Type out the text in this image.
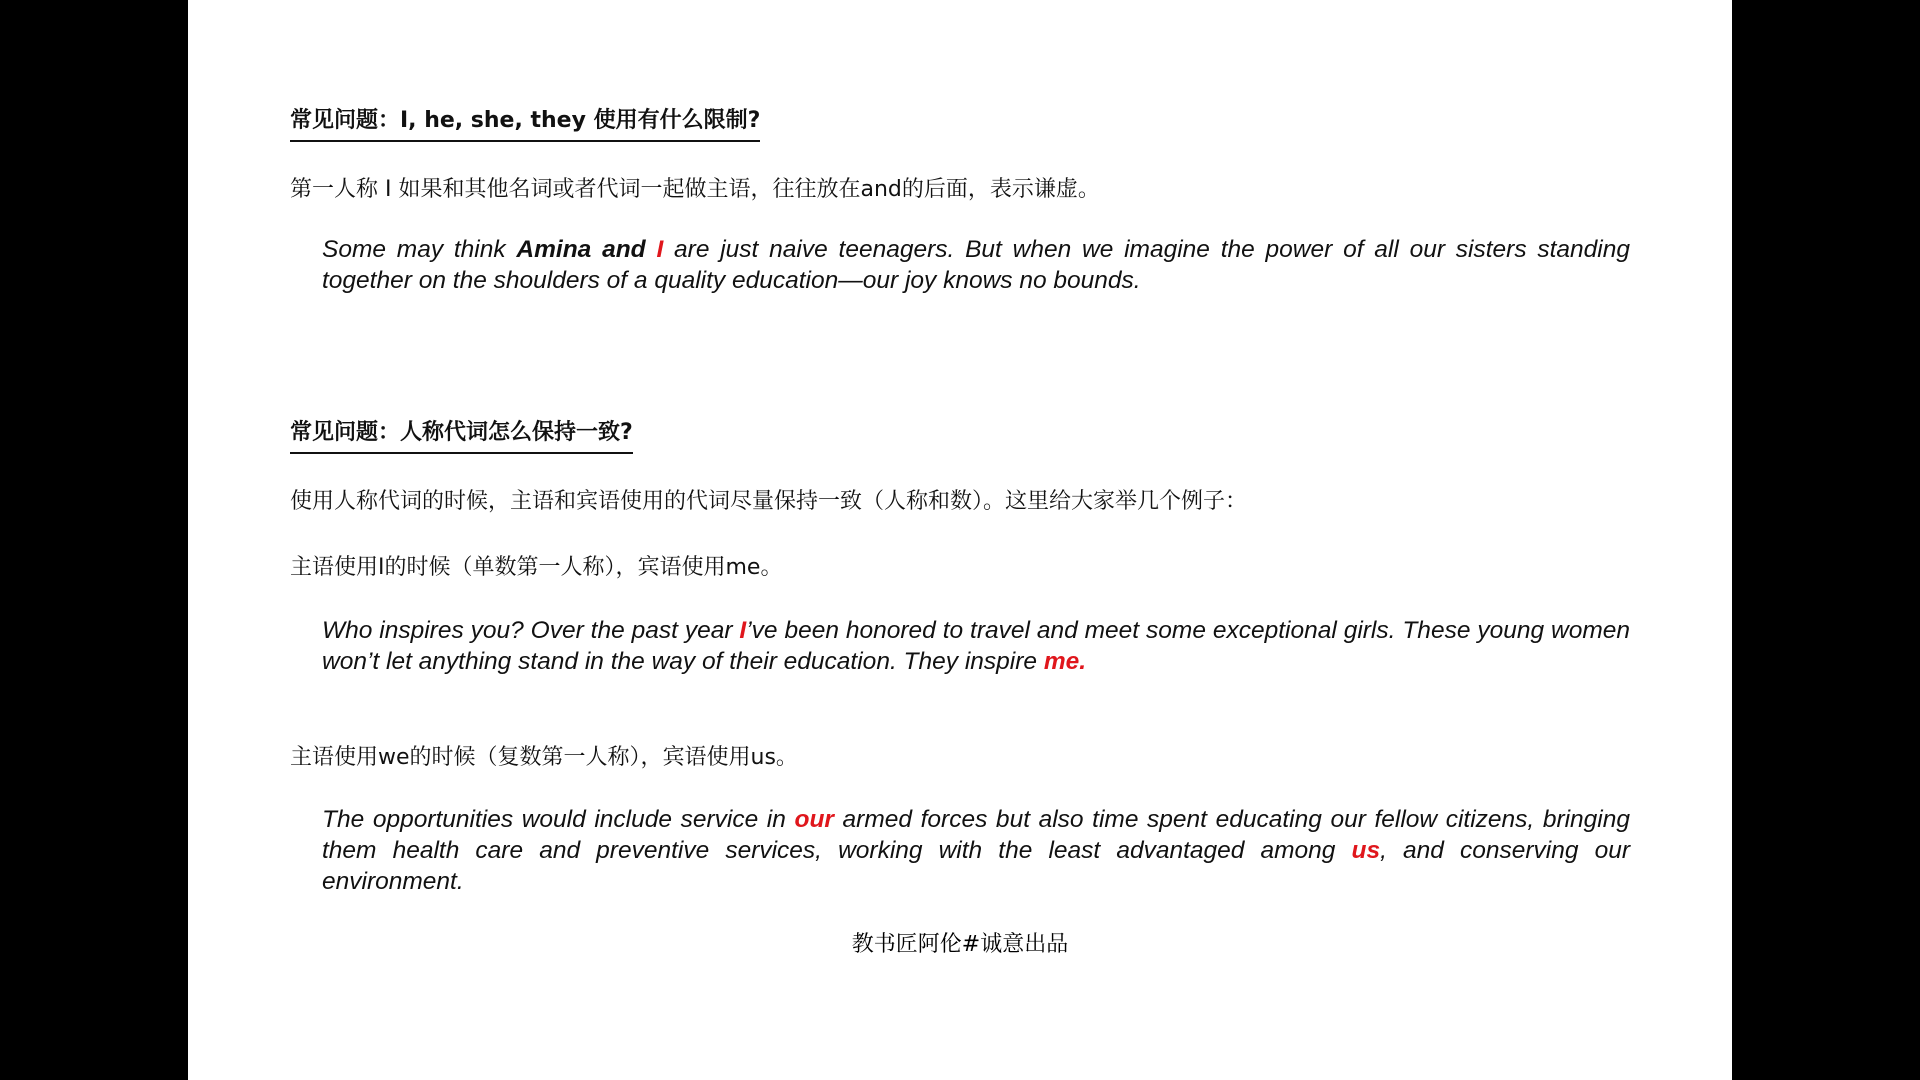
常见问题：I, he, she, they 使用有什么限制?
第一人称 I 如果和其他名词或者代词一起做主语，往往放在and的后面，表示谦虚。
Some may think Amina and I are just naive teenagers. But when we imagine the power of all our sisters standing together on the shoulders of a quality education—our joy knows no bounds.
常见问题：人称代词怎么保持一致?
使用人称代词的时候，主语和宾语使用的代词尽量保持一致（人称和数）。这里给大家举几个例子：
主语使用I的时候（单数第一人称），宾语使用me。
Who inspires you? Over the past year I’ve been honored to travel and meet some exceptional girls. These young women won’t let anything stand in the way of their education. They inspire me.
主语使用we的时候（复数第一人称），宾语使用us。
The opportunities would include service in our armed forces but also time spent educating our fellow citizens, bringing them health care and preventive services, working with the least advantaged among us, and conserving our environment.
教书匠阿伦#诚意出品
